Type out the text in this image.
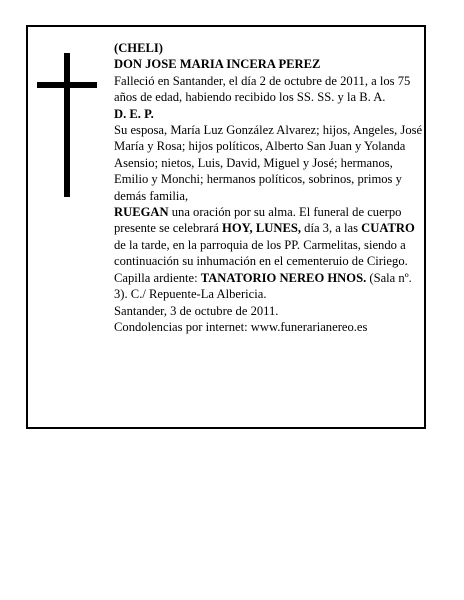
(CHELI)

DON JOSE MARIA INCERA PEREZ

Falleció en Santander, el día 2 de octubre de 2011, a los 75 años de edad, habiendo recibido los SS. SS. y la B. A.

D. E. P.

Su esposa, María Luz González Alvarez; hijos, Angeles, José María y Rosa; hijos políticos, Alberto San Juan y Yolanda Asensio; nietos, Luis, David, Miguel y José; hermanos, Emilio y Monchi; hermanos políticos, sobrinos, primos y demás familia,

RUEGAN una oración por su alma. El funeral de cuerpo presente se celebrará HOY, LUNES, día 3, a las CUATRO de la tarde, en la parroquia de los PP. Carmelitas, siendo a continuación su inhumación en el cementeruio de Ciriego.

Capilla ardiente: TANATORIO NEREO HNOS. (Sala nº. 3). C./ Repuente-La Albericia.

Santander, 3 de octubre de 2011.

Condolencias por internet: www.funerarianereo.es
